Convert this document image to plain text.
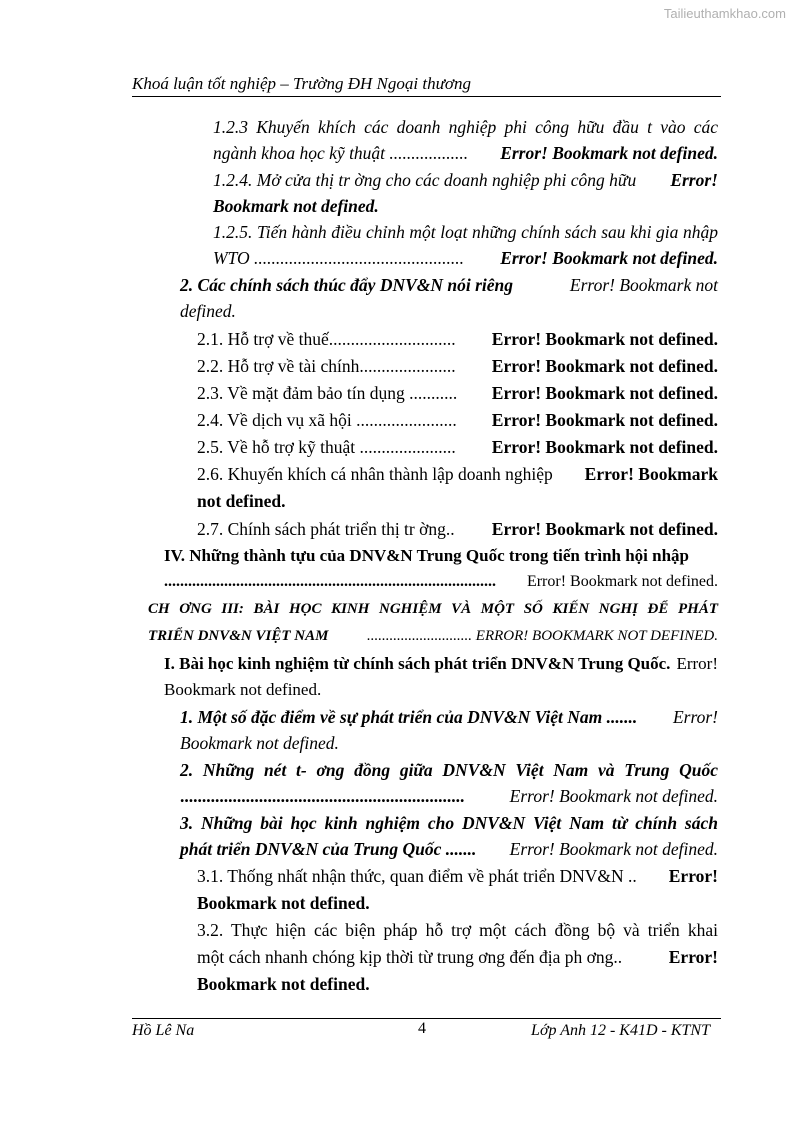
Tailieuthamkhao.com
Khoá luận tốt nghiệp – Trường ĐH Ngoại thương
1.2.3 Khuyến khích các doanh nghiệp phi công hữu đầu t vào các
ngành khoa học kỹ thuật .................. Error! Bookmark not defined.
1.2.4. Mở cửa thị tr ờng cho các doanh nghiệp phi công hữu Error!
Bookmark not defined.
1.2.5. Tiến hành điều chỉnh một loạt những chính sách sau khi gia nhập
WTO ................................................ Error! Bookmark not defined.
2. Các chính sách thúc đẩy DNV&N nói riêng	Error! Bookmark not
defined.
2.1. Hỗ trợ về thuế............................. Error! Bookmark not defined.
2.2. Hỗ trợ về tài chính...................... Error! Bookmark not defined.
2.3. Về mặt đảm bảo tín dụng ........... Error! Bookmark not defined.
2.4. Về dịch vụ xã hội ....................... Error! Bookmark not defined.
2.5. Về hỗ trợ kỹ thuật ...................... Error! Bookmark not defined.
2.6. Khuyến khích cá nhân thành lập doanh nghiệp Error! Bookmark
not defined.
2.7. Chính sách phát triển thị tr ờng.. Error! Bookmark not defined.
IV. Những thành tựu của DNV&N Trung Quốc trong tiến trình hội nhập
...................................................................................	Error! Bookmark not defined.
CH ƠNG III: BÀI HỌC KINH NGHIỆM VÀ MỘT SỐ KIẾN NGHỊ ĐỂ PHÁT
TRIỂN DNV&N VIỆT NAM	............................ ERROR! BOOKMARK NOT DEFINED.
I. Bài học kinh nghiệm từ chính sách phát triển DNV&N Trung Quốc. Error!
Bookmark not defined.
1. Một số đặc điểm về sự phát triển của DNV&N Việt Nam ....... Error!
Bookmark not defined.
2. Những nét t- ơng đồng giữa DNV&N Việt Nam và Trung Quốc
.................................................................	Error! Bookmark not defined.
3. Những bài học kinh nghiệm cho DNV&N Việt Nam từ chính sách
phát triển DNV&N của Trung Quốc ....... Error! Bookmark not defined.
3.1. Thống nhất nhận thức, quan điểm về phát triển DNV&N .. Error!
Bookmark not defined.
3.2. Thực hiện các biện pháp hỗ trợ một cách đồng bộ và triển khai
một cách nhanh chóng kịp thời từ trung ơng đến địa ph ơng..	Error!
Bookmark not defined.
Hồ Lê Na	4	Lớp Anh 12 - K41D - KTNT
